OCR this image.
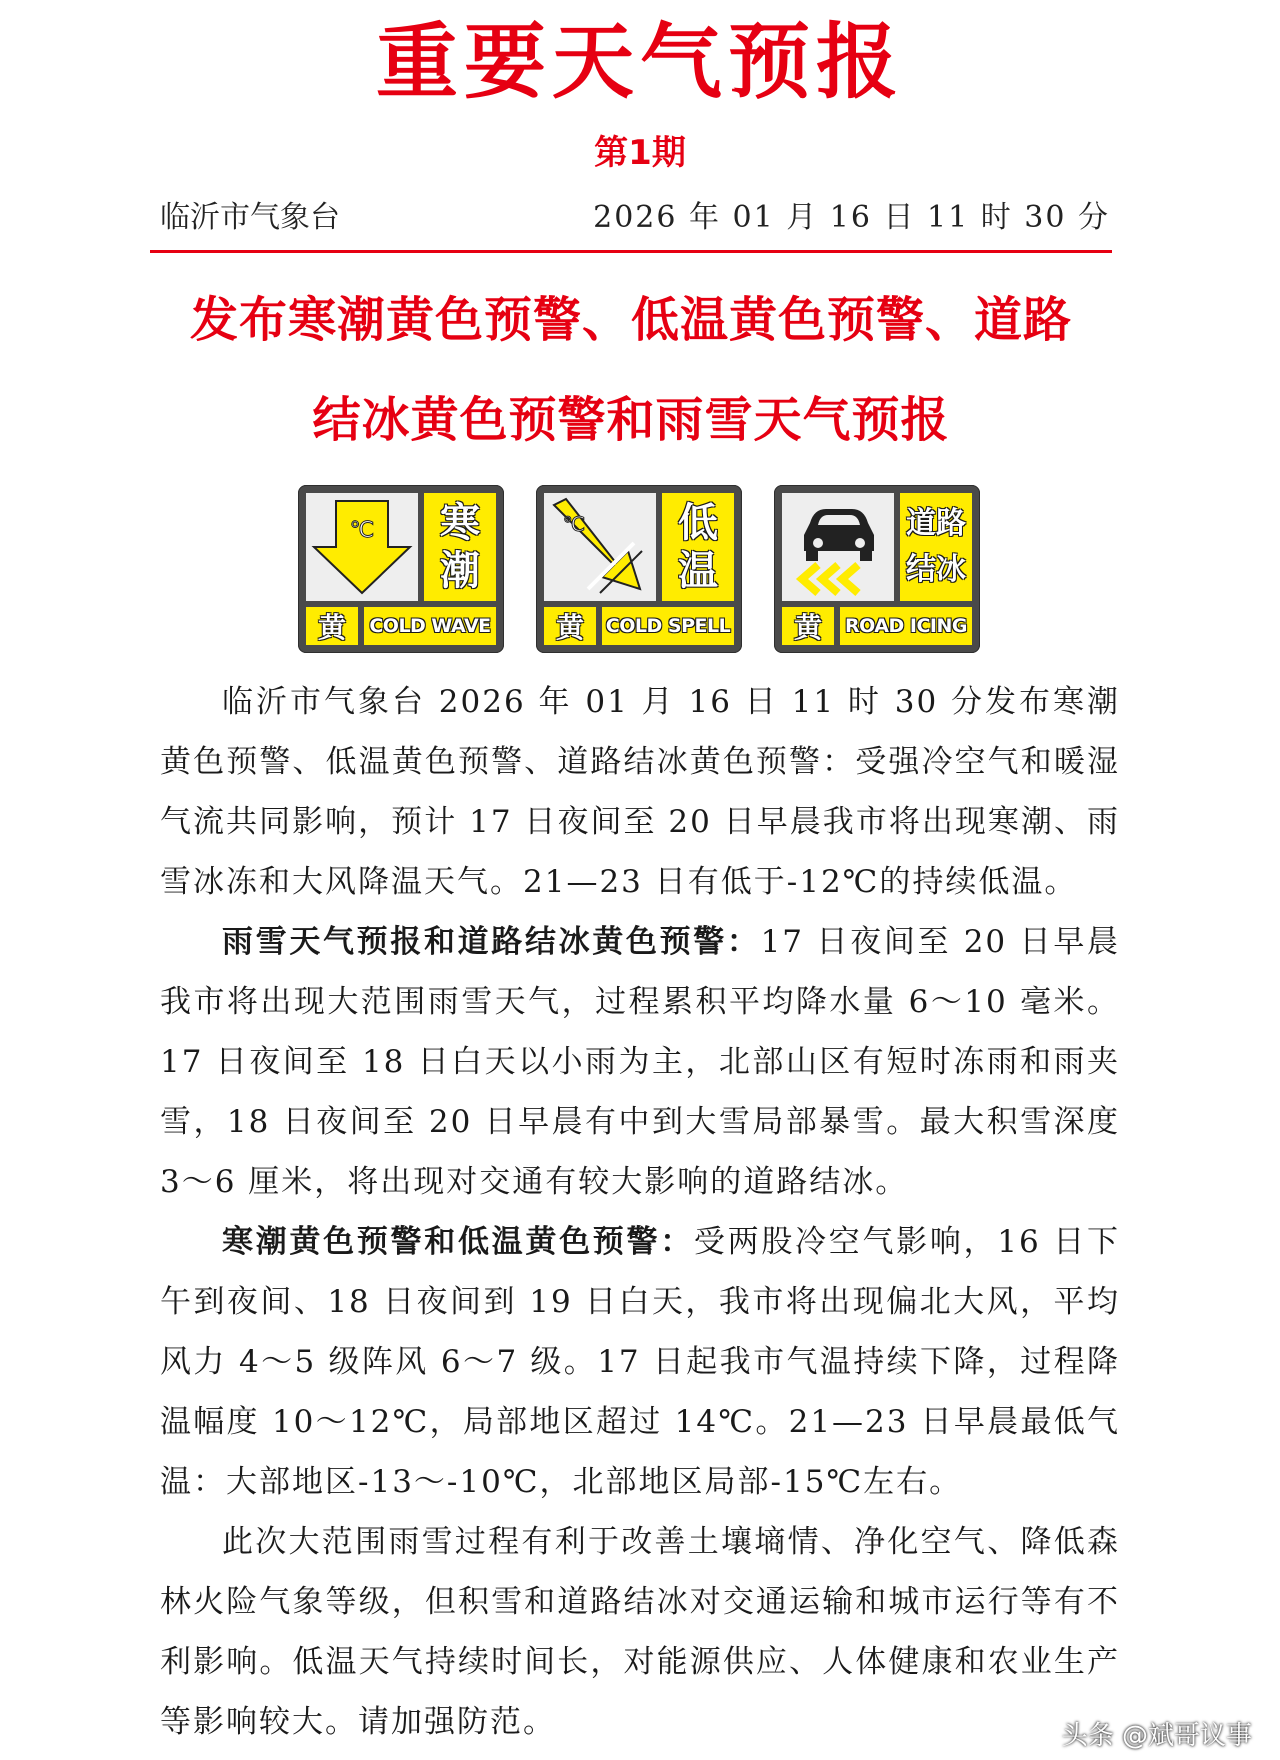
重要天气预报
第1期
临沂市气象台	2026 年 01 月 16 日 11 时 30 分
发布寒潮黄色预警、低温黄色预警、道路
结冰黄色预警和雨雪天气预报
℃ 寒
潮
黄	COLD WAVE
℃ 低
温
黄	COLD SPELL
道路
结冰
黄	ROAD ICING

临沂市气象台 2026 年 01 月 16 日 11 时 30 分发布寒潮黄色预警、低温黄色预警、道路结冰黄色预警：受强冷空气和暖湿气流共同影响，预计 17 日夜间至 20 日早晨我市将出现寒潮、雨雪冰冻和大风降温天气。21—23 日有低于-12℃的持续低温。

雨雪天气预报和道路结冰黄色预警：17 日夜间至 20 日早晨我市将出现大范围雨雪天气，过程累积平均降水量 6～10 毫米。17 日夜间至 18 日白天以小雨为主，北部山区有短时冻雨和雨夹雪，18 日夜间至 20 日早晨有中到大雪局部暴雪。最大积雪深度 3～6 厘米，将出现对交通有较大影响的道路结冰。

寒潮黄色预警和低温黄色预警：受两股冷空气影响，16 日下午到夜间、18 日夜间到 19 日白天，我市将出现偏北大风，平均风力 4～5 级阵风 6～7 级。17 日起我市气温持续下降，过程降温幅度 10～12℃，局部地区超过 14℃。21—23 日早晨最低气温：大部地区-13～-10℃，北部地区局部-15℃左右。

此次大范围雨雪过程有利于改善土壤墒情、净化空气、降低森林火险气象等级，但积雪和道路结冰对交通运输和城市运行等有不利影响。低温天气持续时间长，对能源供应、人体健康和农业生产等影响较大。请加强防范。	头条 @斌哥议事
